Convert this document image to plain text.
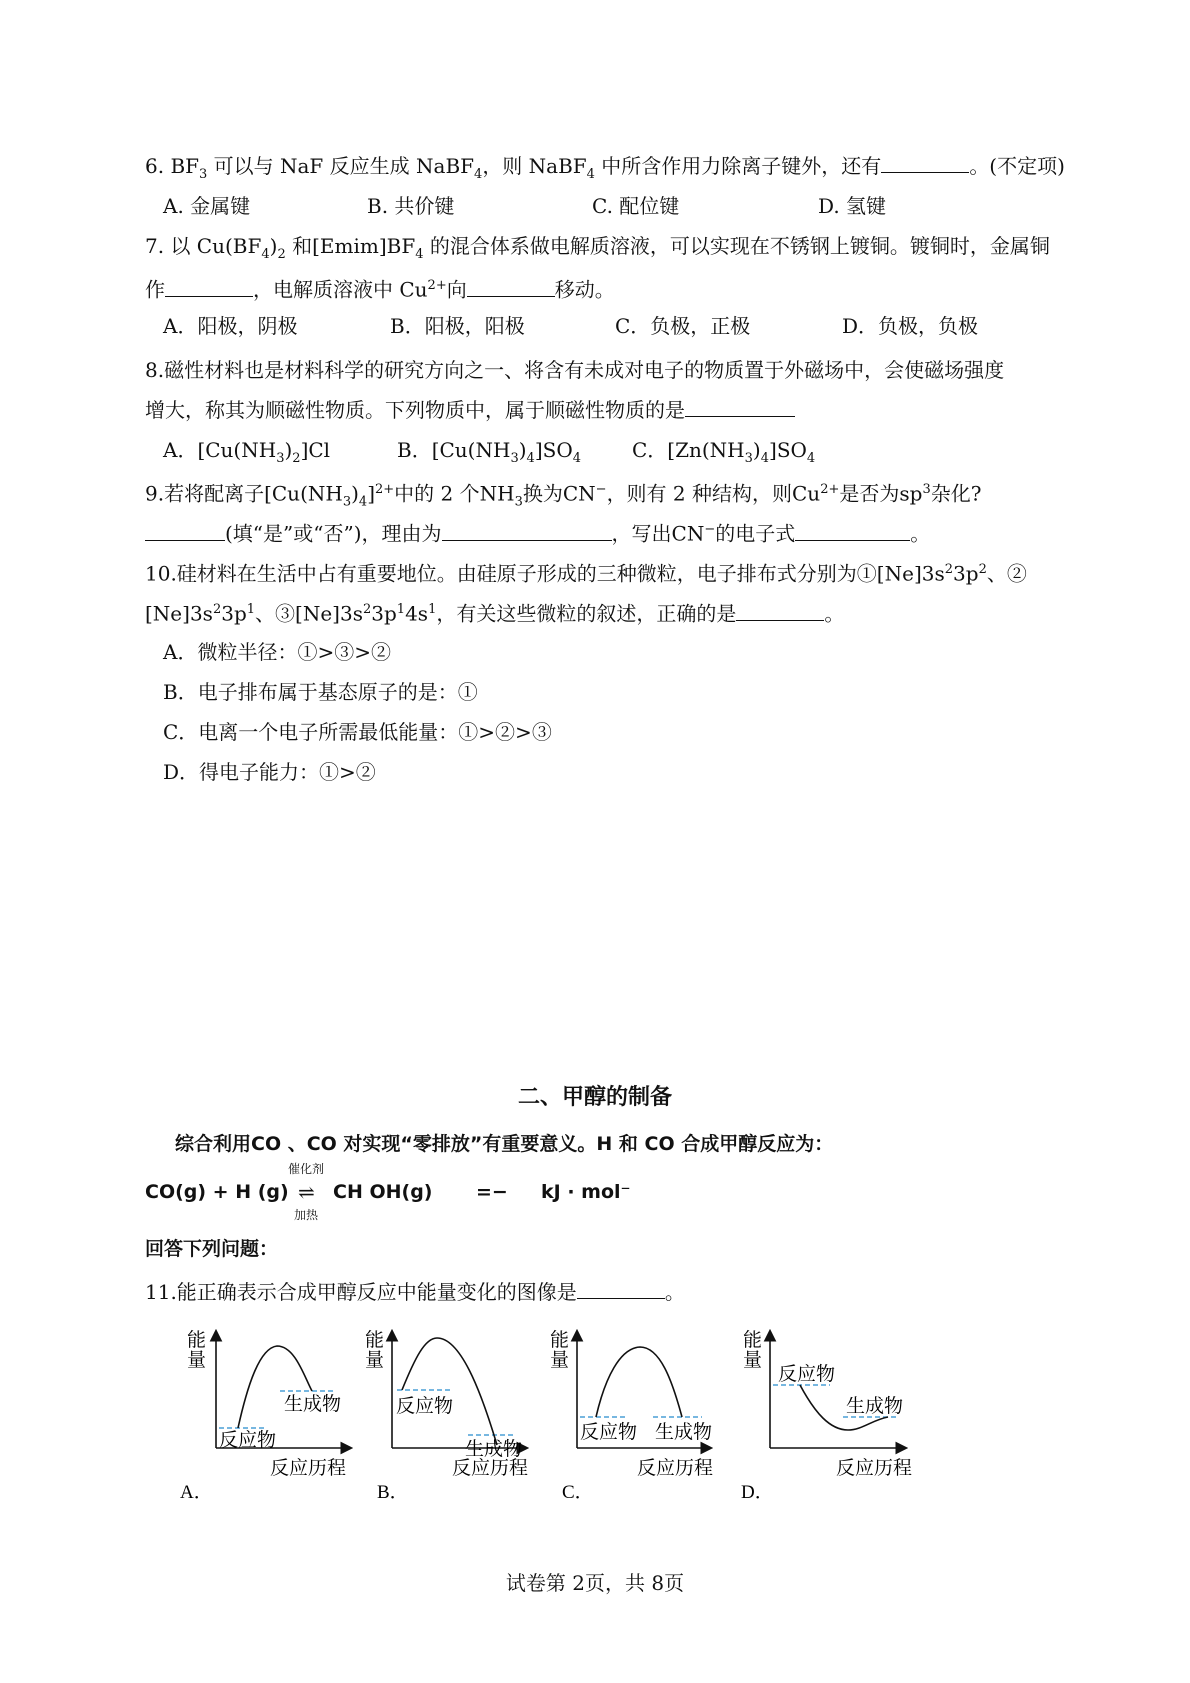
6. $BF_3$ 可以与 NaF 反应生成 NaBF$_4$，则 NaBF$_4$ 中所含作用力除离子键外，还有	。(不定项)
A. 金属键	B. 共价键	C. 配位键	D. 氢键
7. 以 $Cu(BF_4)_2$ 和$[Emim]BF_4$ 的混合体系做电解质溶液，可以实现在不锈钢上镀铜。镀铜时，金属铜
作	，电解质溶液中 $Cu^{2+}$向	移动。
A．阳极，阴极	B．阳极，阳极	C．负极，正极	D．负极，负极
8.磁性材料也是材料科学的研究方向之一、将含有未成对电子的物质置于外磁场中，会使磁场强度
增大，称其为顺磁性物质。下列物质中，属于顺磁性物质的是
A．$[Cu(NH_3)_2]Cl$	B．$[Cu(NH_3)_4]SO_4$	C．$[Zn(NH_3)_4]SO_4$
9.若将配离子$[Cu(NH_3)_4]^{2+}$中的 2 个$NH_3$换为CN−，则有 2 种结构，则$Cu^{2+}$是否为$sp^3$杂化?
(填“是”或“否”)，理由为	，写出CN−的电子式	。
10.硅材料在生活中占有重要地位。由硅原子形成的三种微粒，电子排布式分别为$①[Ne]3s^23p^2$、②
$[Ne]3s^23p^1$、$③[Ne]3s^23p^14s^1$，有关这些微粒的叙述，正确的是	。
A．微粒半径：①>③>②
B．电子排布属于基态原子的是：①
C．电离一个电子所需最低能量：①>②>③
D．得电子能力：①>②
二、甲醇的制备
综合利用CO 、CO 对实现“零排放”有重要意义。H 和 CO 合成甲醇反应为：
CO(g) + H (g)
催化剂
⇌
加热
CH OH(g) =− kJ · mol⁻
回答下列问题：
11.能正确表示合成甲醇反应中能量变化的图像是	。
能
量
生成物
反应物
反应历程
A．
能
量
反应物
生成物
反应历程
B．
能
量
反应物 生成物
反应历程
C．
能
量
反应物
生成物
反应历程
D．
试卷第 2页，共 8页
